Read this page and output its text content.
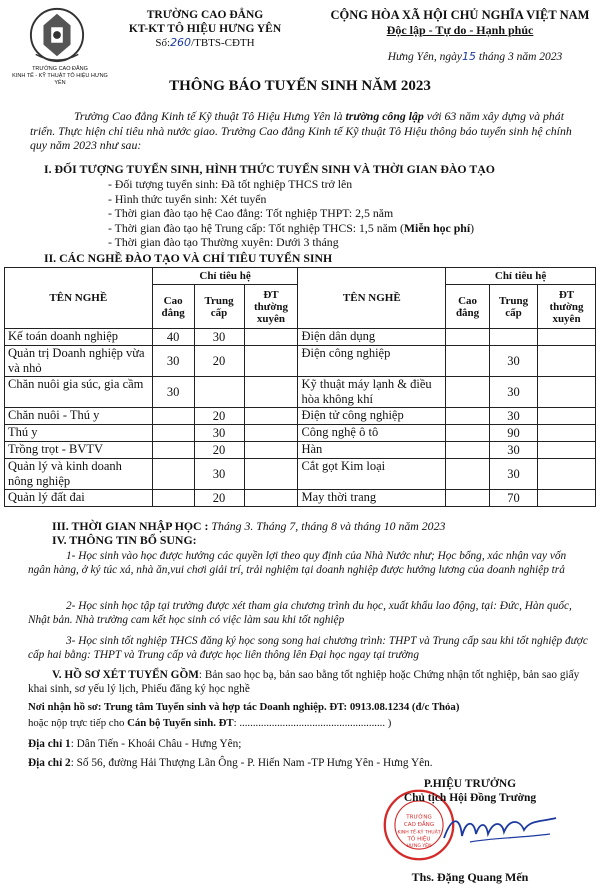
TRƯỜNG CAO ĐẲNG
KINH TẾ - KỸ THUẬT TÔ HIỆU HƯNG YÊN
TRƯỜNG CAO ĐẲNG
KT-KT TÔ HIỆU HƯNG YÊN
Số:260/TBTS-CĐTH
CỘNG HÒA XÃ HỘI CHỦ NGHĨA VIỆT NAM
Độc lập - Tự do - Hạnh phúc
Hưng Yên, ngày15 tháng 3 năm 2023
THÔNG BÁO TUYỂN SINH NĂM 2023
Trường Cao đẳng Kinh tế Kỹ thuật Tô Hiệu Hưng Yên là trường công lập với 63 năm xây dựng và phát triển. Thực hiện chỉ tiêu nhà nước giao. Trường Cao đẳng Kinh tế Kỹ thuật Tô Hiệu thông báo tuyển sinh hệ chính quy năm 2023 như sau:
I. ĐỐI TƯỢNG TUYỂN SINH, HÌNH THỨC TUYỂN SINH VÀ THỜI GIAN ĐÀO TẠO
- Đối tượng tuyển sinh: Đã tốt nghiệp THCS trở lên
- Hình thức tuyển sinh: Xét tuyển
- Thời gian đào tạo hệ Cao đẳng: Tốt nghiệp THPT: 2,5 năm
- Thời gian đào tạo hệ Trung cấp: Tốt nghiệp THCS: 1,5 năm (Miễn học phí)
- Thời gian đào tạo Thường xuyên: Dưới 3 tháng
II. CÁC NGHỀ ĐÀO TẠO VÀ CHỈ TIÊU TUYỂN SINH
TÊN NGHỀ	Chỉ tiêu hệ			TÊN NGHỀ	Chỉ tiêu hệ		
	Cao đẳng	Trung cấp	ĐT thường xuyên		Cao đẳng	Trung cấp	ĐT thường xuyên
Kế toán doanh nghiệp	40	30		Điện dân dụng			
Quản trị Doanh nghiệp vừa và nhỏ	30	20		Điện công nghiệp		30	
Chăn nuôi gia súc, gia cầm	30			Kỹ thuật máy lạnh & điều hòa không khí		30	
Chăn nuôi - Thú y		20		Điện tử công nghiệp		30	
Thú y		30		Công nghệ ô tô		90	
Trồng trọt - BVTV		20		Hàn		30	
Quản lý và kinh doanh nông nghiệp		30		Cắt gọt Kim loại		30	
Quản lý đất đai		20		May thời trang		70	
III. THỜI GIAN NHẬP HỌC : Tháng 3. Tháng 7, tháng 8 và tháng 10 năm 2023
IV. THÔNG TIN BỔ SUNG:
1- Học sinh vào học được hưởng các quyền lợi theo quy định của Nhà Nước như; Học bổng, xác nhận vay vốn ngân hàng, ở ký túc xá, nhà ăn,vui chơi giải trí, trải nghiệm tại doanh nghiệp được hưởng lương của doanh nghiệp trả
2- Học sinh học tập tại trường được xét tham gia chương trình du học, xuất khẩu lao động, tại: Đức, Hàn quốc, Nhật bản. Nhà trường cam kết học sinh có việc làm sau khi tốt nghiệp
3- Học sinh tốt nghiệp THCS đăng ký học song song hai chương trình: THPT và Trung cấp sau khi tốt nghiệp được cấp hai bằng: THPT và Trung cấp và được học liên thông lên Đại học ngay tại trường
V. HỒ SƠ XÉT TUYỂN GỒM: Bản sao học bạ, bản sao bằng tốt nghiệp hoặc Chứng nhận tốt nghiệp, bản sao giấy khai sinh, sơ yếu lý lịch, Phiếu đăng ký học nghề
Nơi nhận hồ sơ: Trung tâm Tuyển sinh và hợp tác Doanh nghiệp. ĐT: 0913.08.1234 (đ/c Thỏa)
hoặc nộp trực tiếp cho Cán bộ Tuyển sinh. ĐT: ...................................................... )
Địa chỉ 1: Dân Tiến - Khoái Châu - Hưng Yên;
Địa chỉ 2: Số 56, đường Hải Thượng Lãn Ông - P. Hiến Nam -TP Hưng Yên - Hưng Yên.
TRƯỜNG
CAO ĐẲNG
KINH TẾ-KỸ THUẬT
TÔ HIỆU
HƯNG YÊN
P.HIỆU TRƯỞNG
Chủ tịch Hội Đồng Trường
Ths. Đặng Quang Mến
